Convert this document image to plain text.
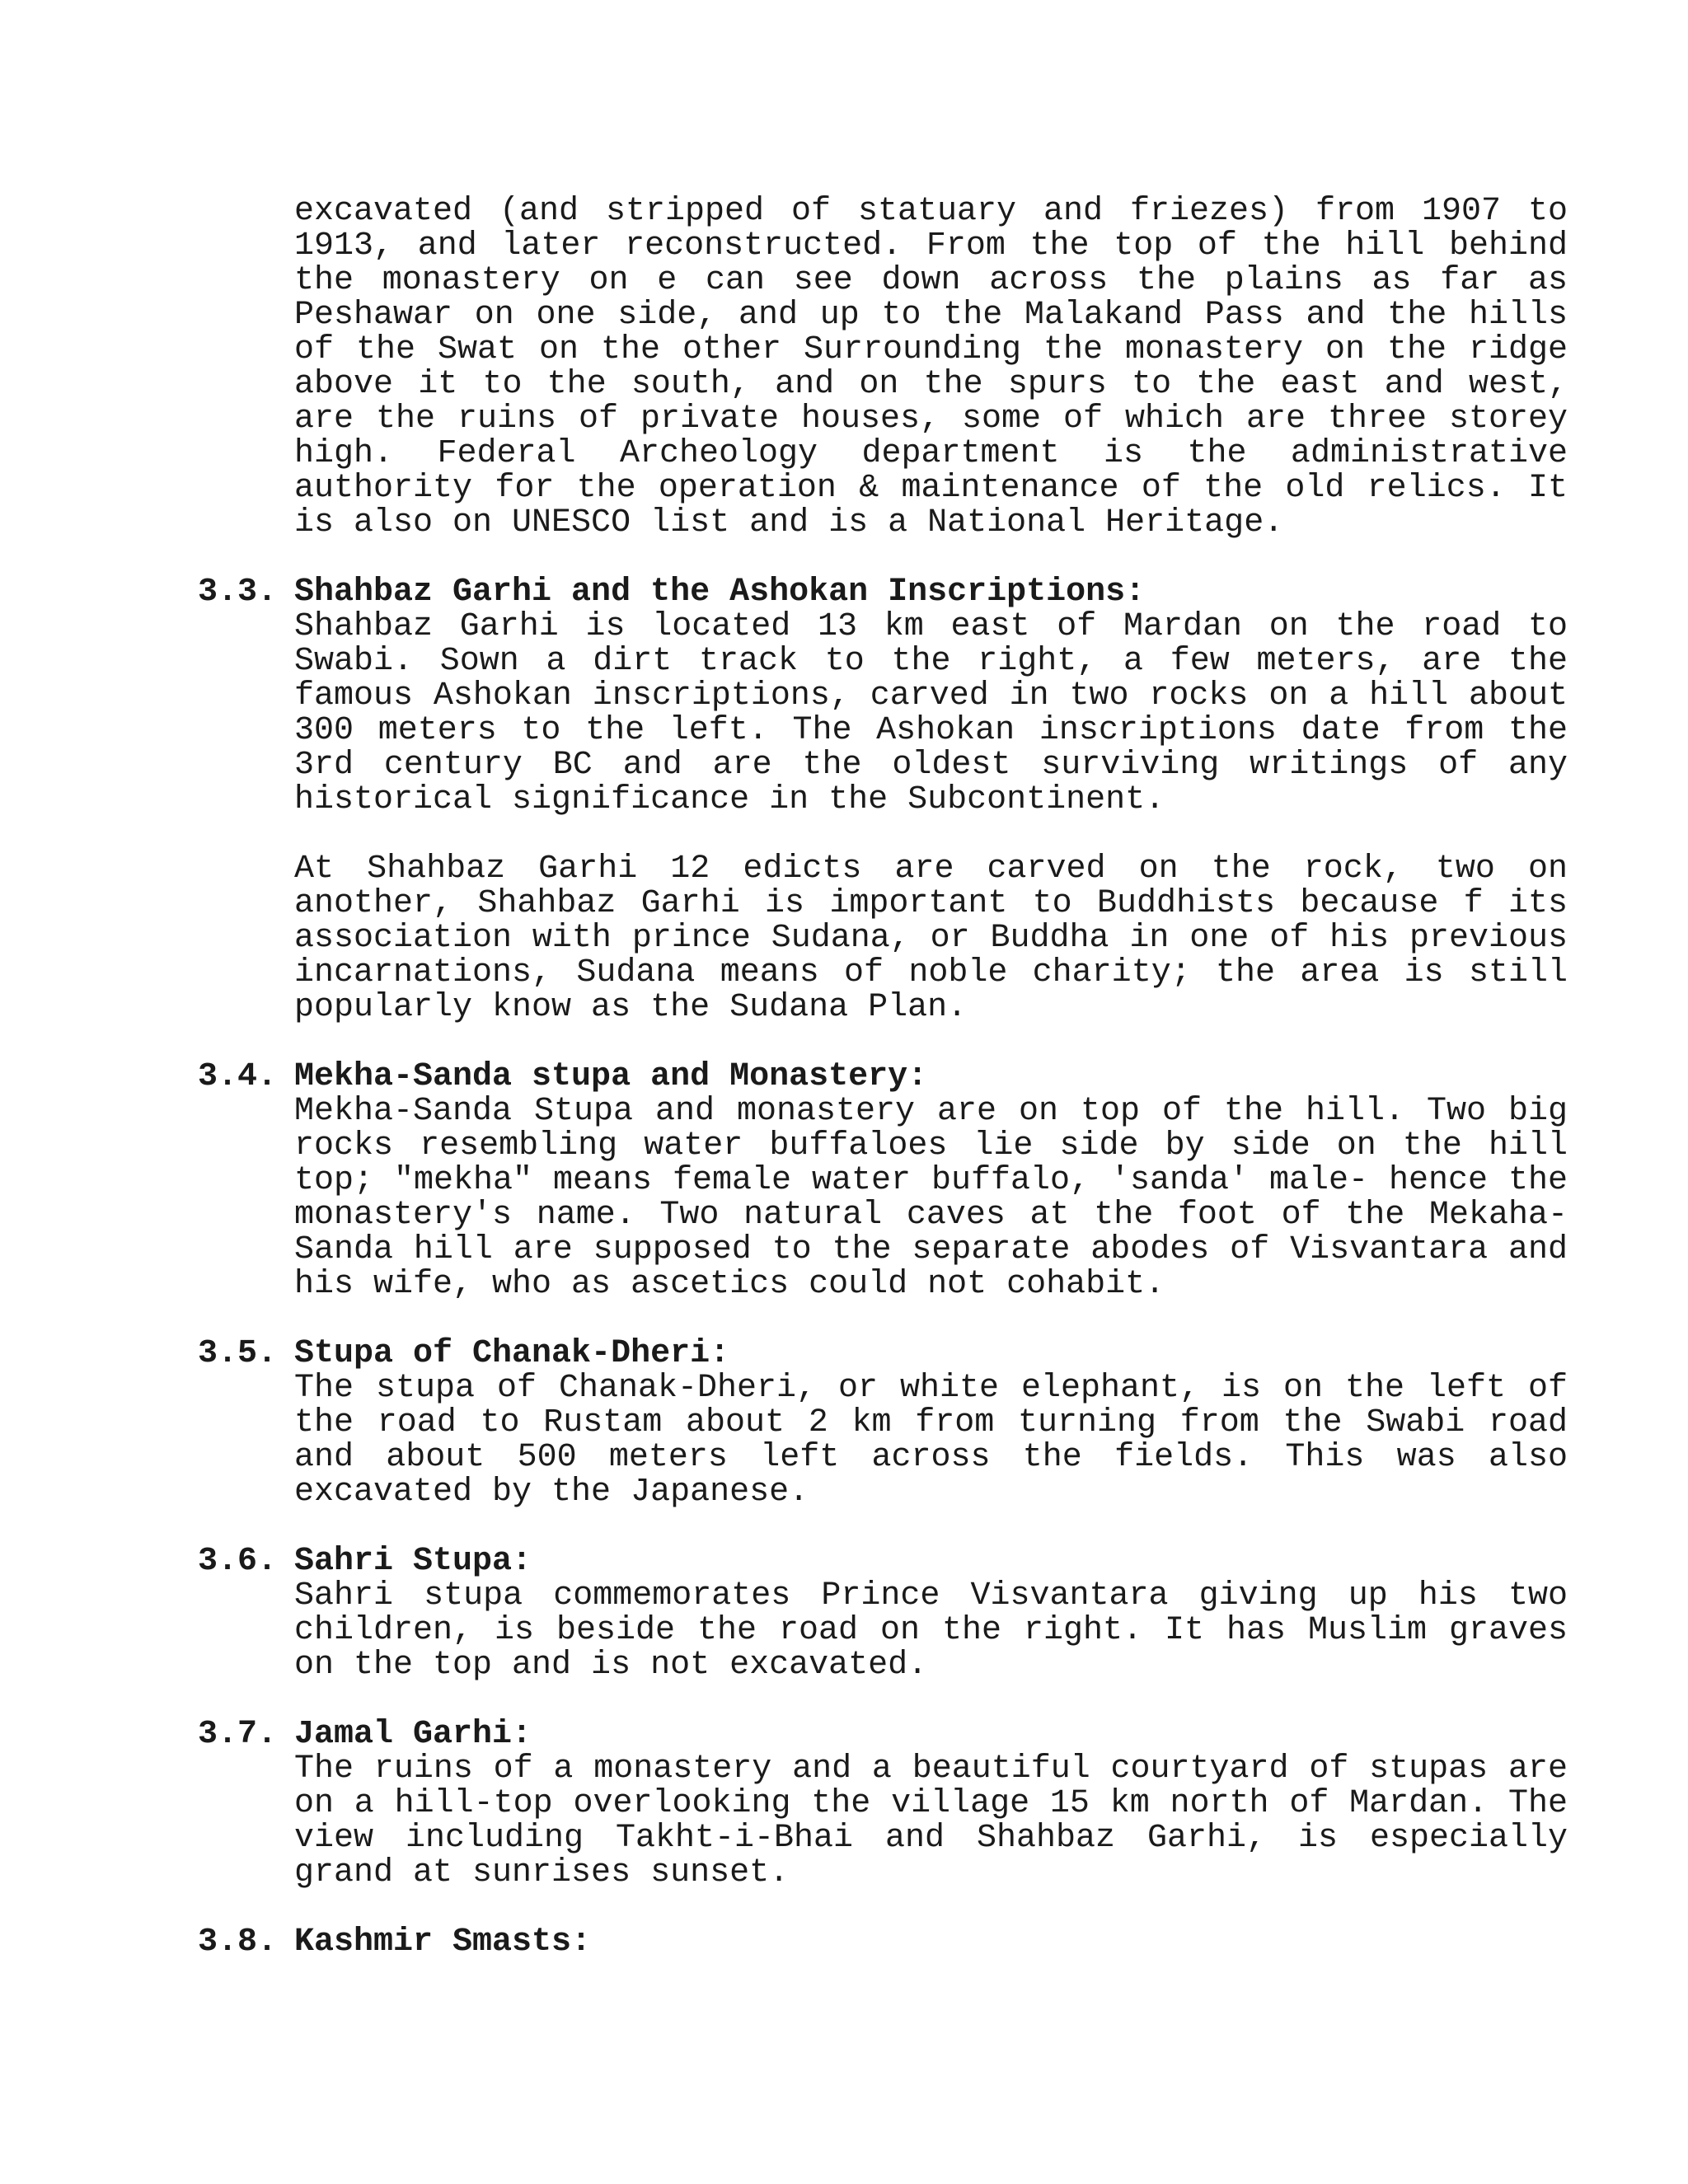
excavated (and stripped of statuary and friezes) from 1907 to 1913, and later reconstructed. From the top of the hill behind the monastery on e can see down across the plains as far as Peshawar on one side, and up to the Malakand Pass and the hills of the Swat on the other Surrounding the monastery on the ridge above it to the south, and on the spurs to the east and west, are the ruins of private houses, some of which are three storey high. Federal Archeology department is the administrative authority for the operation & maintenance of the old relics. It is also on UNESCO list and is a National Heritage.
3.3. Shahbaz Garhi and the Ashokan Inscriptions:
Shahbaz Garhi is located 13 km east of Mardan on the road to Swabi. Sown a dirt track to the right, a few meters, are the famous Ashokan inscriptions, carved in two rocks on a hill about 300 meters to the left. The Ashokan inscriptions date from the 3rd century BC and are the oldest surviving writings of any historical significance in the Subcontinent.
At Shahbaz Garhi 12 edicts are carved on the rock, two on another, Shahbaz Garhi is important to Buddhists because f its association with prince Sudana, or Buddha in one of his previous incarnations, Sudana means of noble charity; the area is still popularly know as the Sudana Plan.
3.4. Mekha-Sanda stupa and Monastery:
Mekha-Sanda Stupa and monastery are on top of the hill. Two big rocks resembling water buffaloes lie side by side on the hill top; "mekha" means female water buffalo, 'sanda' male- hence the monastery's name. Two natural caves at the foot of the Mekaha-Sanda hill are supposed to the separate abodes of Visvantara and his wife, who as ascetics could not cohabit.
3.5. Stupa of Chanak-Dheri:
The stupa of Chanak-Dheri, or white elephant, is on the left of the road to Rustam about 2 km from turning from the Swabi road and about 500 meters left across the fields. This was also excavated by the Japanese.
3.6. Sahri Stupa:
Sahri stupa commemorates Prince Visvantara giving up his two children, is beside the road on the right. It has Muslim graves on the top and is not excavated.
3.7. Jamal Garhi:
The ruins of a monastery and a beautiful courtyard of stupas are on a hill-top overlooking the village 15 km north of Mardan. The view including Takht-i-Bhai and Shahbaz Garhi, is especially grand at sunrises sunset.
3.8. Kashmir Smasts:
